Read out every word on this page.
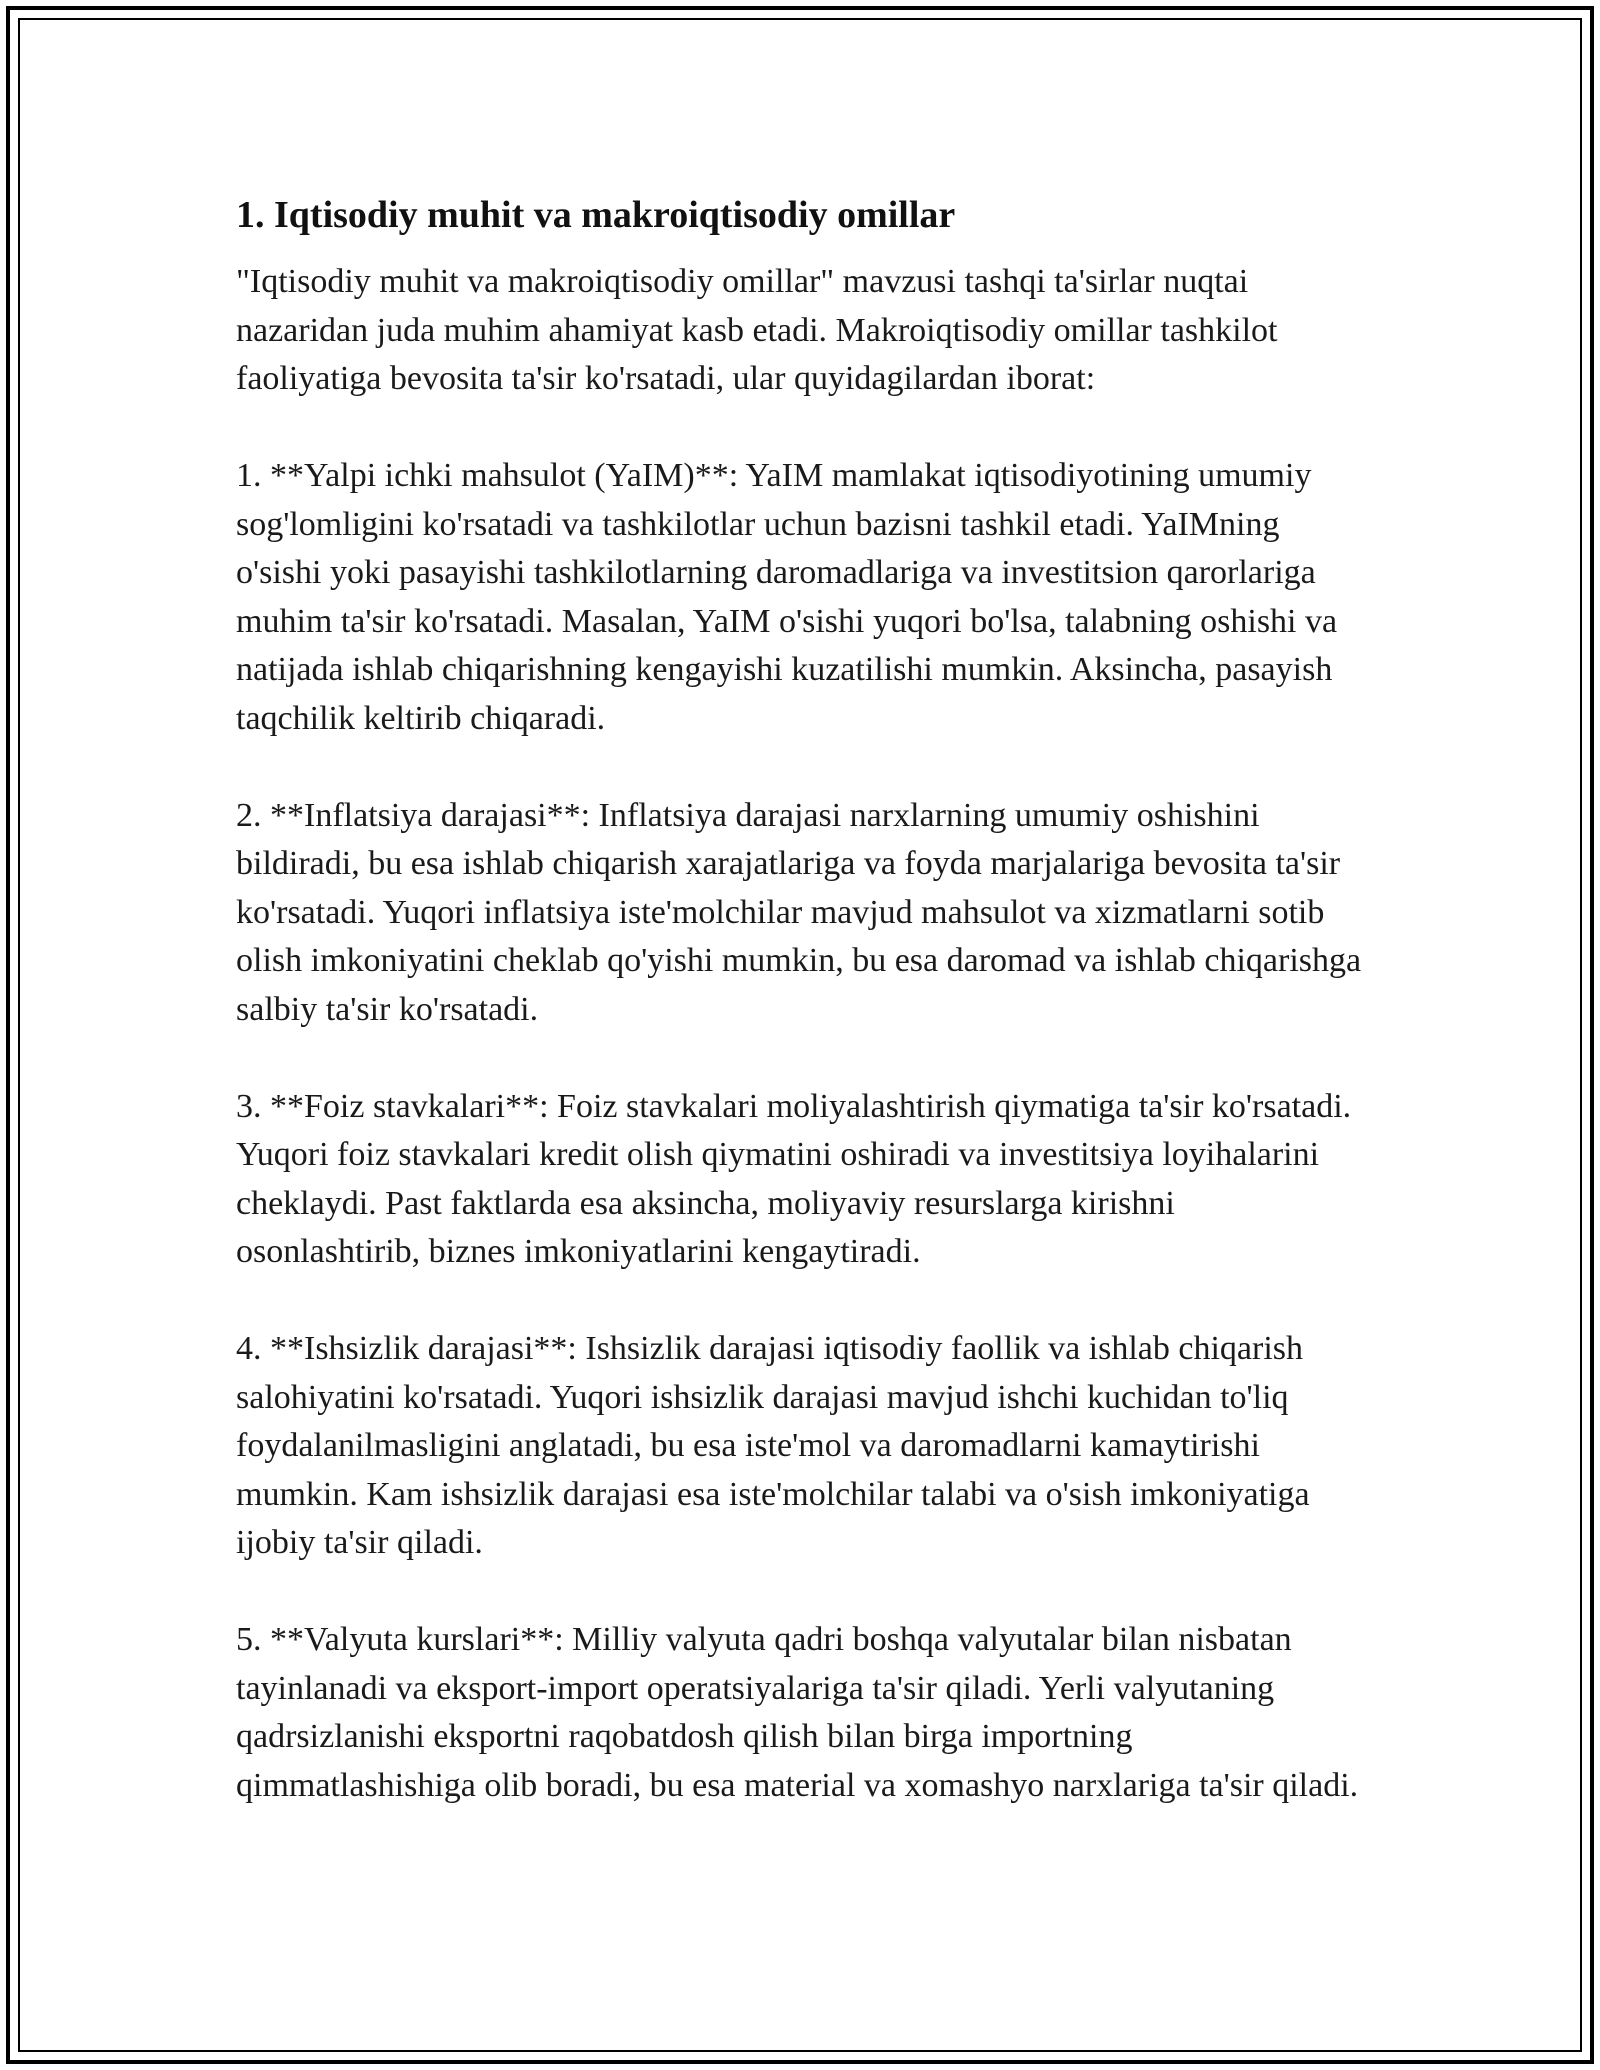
1. Iqtisodiy muhit va makroiqtisodiy omillar

"Iqtisodiy muhit va makroiqtisodiy omillar" mavzusi tashqi ta'sirlar nuqtai nazaridan juda muhim ahamiyat kasb etadi. Makroiqtisodiy omillar tashkilot faoliyatiga bevosita ta'sir ko'rsatadi, ular quyidagilardan iborat:

1. **Yalpi ichki mahsulot (YaIM)**: YaIM mamlakat iqtisodiyotining umumiy sog'lomligini ko'rsatadi va tashkilotlar uchun bazisni tashkil etadi. YaIMning o'sishi yoki pasayishi tashkilotlarning daromadlariga va investitsion qarorlariga muhim ta'sir ko'rsatadi. Masalan, YaIM o'sishi yuqori bo'lsa, talabning oshishi va natijada ishlab chiqarishning kengayishi kuzatilishi mumkin. Aksincha, pasayish taqchilik keltirib chiqaradi.

2. **Inflatsiya darajasi**: Inflatsiya darajasi narxlarning umumiy oshishini bildiradi, bu esa ishlab chiqarish xarajatlariga va foyda marjalariga bevosita ta'sir ko'rsatadi. Yuqori inflatsiya iste'molchilar mavjud mahsulot va xizmatlarni sotib olish imkoniyatini cheklab qo'yishi mumkin, bu esa daromad va ishlab chiqarishga salbiy ta'sir ko'rsatadi.

3. **Foiz stavkalari**: Foiz stavkalari moliyalashtirish qiymatiga ta'sir ko'rsatadi. Yuqori foiz stavkalari kredit olish qiymatini oshiradi va investitsiya loyihalarini cheklaydi. Past faktlarda esa aksincha, moliyaviy resurslarga kirishni osonlashtirib, biznes imkoniyatlarini kengaytiradi.

4. **Ishsizlik darajasi**: Ishsizlik darajasi iqtisodiy faollik va ishlab chiqarish salohiyatini ko'rsatadi. Yuqori ishsizlik darajasi mavjud ishchi kuchidan to'liq foydalanilmasligini anglatadi, bu esa iste'mol va daromadlarni kamaytirishi mumkin. Kam ishsizlik darajasi esa iste'molchilar talabi va o'sish imkoniyatiga ijobiy ta'sir qiladi.

5. **Valyuta kurslari**: Milliy valyuta qadri boshqa valyutalar bilan nisbatan tayinlanadi va eksport-import operatsiyalariga ta'sir qiladi. Yerli valyutaning qadrsizlanishi eksportni raqobatdosh qilish bilan birga importning qimmatlashishiga olib boradi, bu esa material va xomashyo narxlariga ta'sir qiladi.
